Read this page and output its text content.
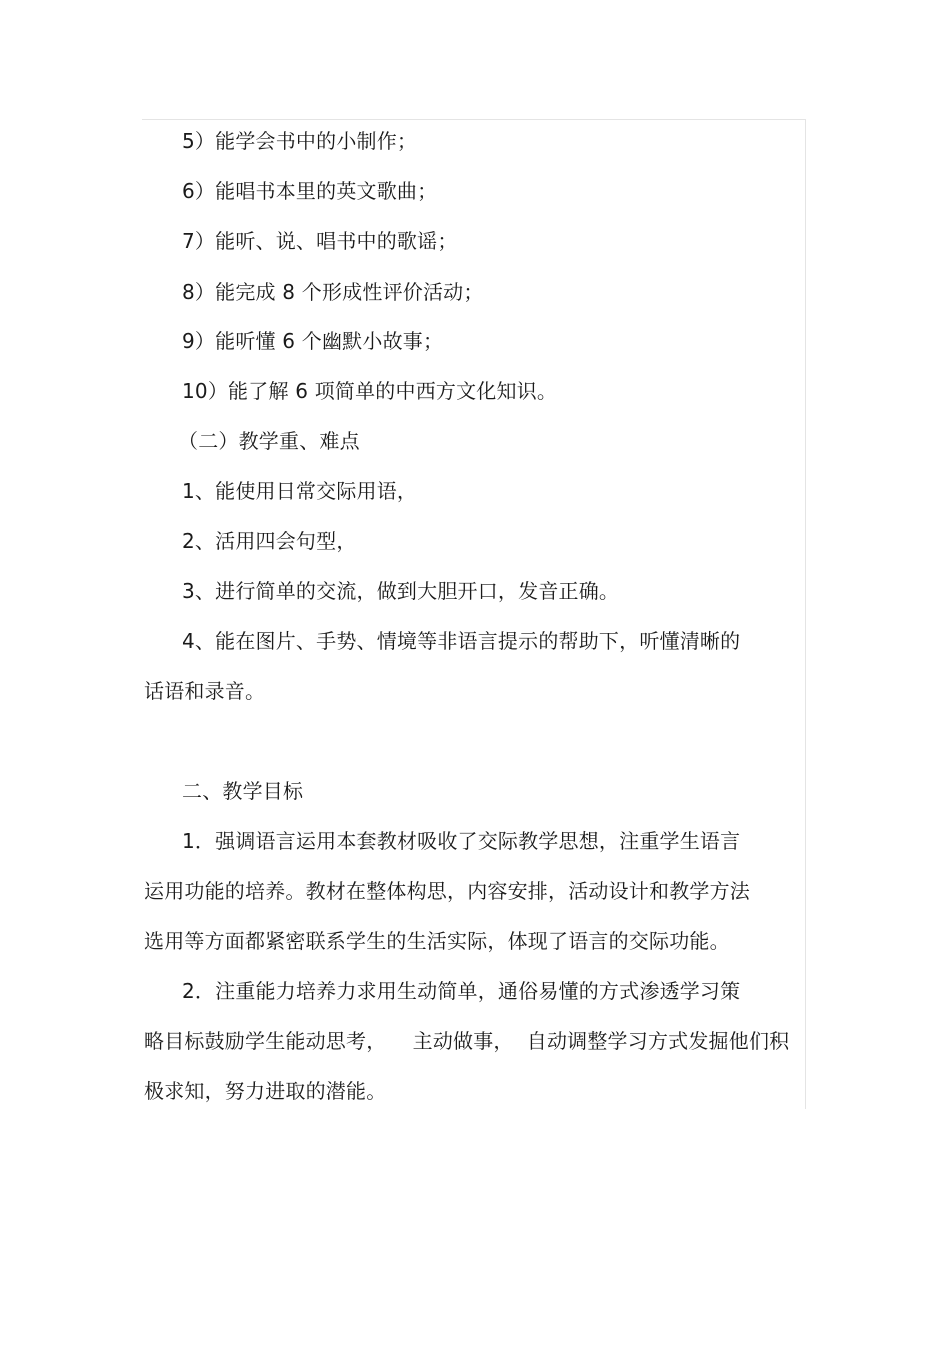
5）能学会书中的小制作；
6）能唱书本里的英文歌曲；
7）能听、说、唱书中的歌谣；
8）能完成 8 个形成性评价活动；
9）能听懂 6 个幽默小故事；
10）能了解 6 项简单的中西方文化知识。
（二）教学重、难点
1、能使用日常交际用语，
2、活用四会句型，
3、进行简单的交流，做到大胆开口，发音正确。
4、能在图片、手势、情境等非语言提示的帮助下，听懂清晰的
话语和录音。
二、教学目标
1．强调语言运用本套教材吸收了交际教学思想，注重学生语言
运用功能的培养。教材在整体构思，内容安排，活动设计和教学方法
选用等方面都紧密联系学生的生活实际，体现了语言的交际功能。
2．注重能力培养力求用生动简单，通俗易懂的方式渗透学习策
略目标鼓励学生能动思考，    主动做事，  自动调整学习方式发掘他们积
极求知，努力进取的潜能。
